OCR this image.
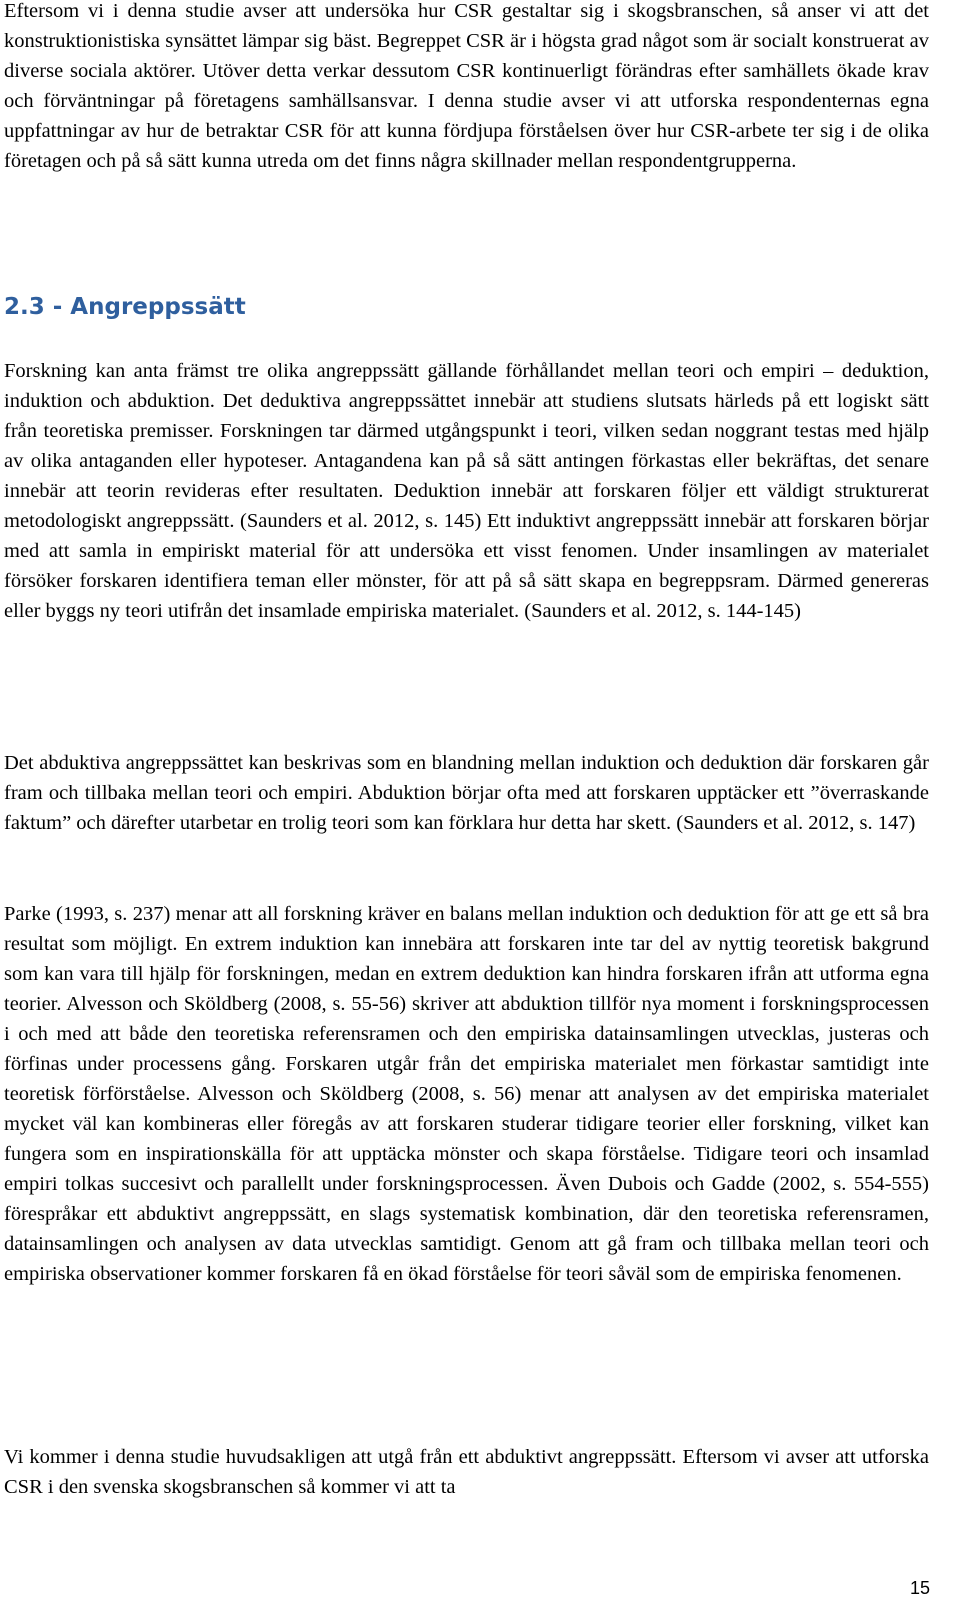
Eftersom vi i denna studie avser att undersöka hur CSR gestaltar sig i skogsbranschen, så anser vi att det konstruktionistiska synsättet lämpar sig bäst. Begreppet CSR är i högsta grad något som är socialt konstruerat av diverse sociala aktörer. Utöver detta verkar dessutom CSR kontinuerligt förändras efter samhällets ökade krav och förväntningar på företagens samhällsansvar. I denna studie avser vi att utforska respondenternas egna uppfattningar av hur de betraktar CSR för att kunna fördjupa förståelsen över hur CSR-arbete ter sig i de olika företagen och på så sätt kunna utreda om det finns några skillnader mellan respondentgrupperna.

2.3 - Angreppssätt

Forskning kan anta främst tre olika angreppssätt gällande förhållandet mellan teori och empiri – deduktion, induktion och abduktion. Det deduktiva angreppssättet innebär att studiens slutsats härleds på ett logiskt sätt från teoretiska premisser. Forskningen tar därmed utgångspunkt i teori, vilken sedan noggrant testas med hjälp av olika antaganden eller hypoteser. Antagandena kan på så sätt antingen förkastas eller bekräftas, det senare innebär att teorin revideras efter resultaten. Deduktion innebär att forskaren följer ett väldigt strukturerat metodologiskt angreppssätt. (Saunders et al. 2012, s. 145) Ett induktivt angreppssätt innebär att forskaren börjar med att samla in empiriskt material för att undersöka ett visst fenomen. Under insamlingen av materialet försöker forskaren identifiera teman eller mönster, för att på så sätt skapa en begreppsram. Därmed genereras eller byggs ny teori utifrån det insamlade empiriska materialet. (Saunders et al. 2012, s. 144-145)

Det abduktiva angreppssättet kan beskrivas som en blandning mellan induktion och deduktion där forskaren går fram och tillbaka mellan teori och empiri. Abduktion börjar ofta med att forskaren upptäcker ett ”överraskande faktum” och därefter utarbetar en trolig teori som kan förklara hur detta har skett. (Saunders et al. 2012, s. 147)

Parke (1993, s. 237) menar att all forskning kräver en balans mellan induktion och deduktion för att ge ett så bra resultat som möjligt. En extrem induktion kan innebära att forskaren inte tar del av nyttig teoretisk bakgrund som kan vara till hjälp för forskningen, medan en extrem deduktion kan hindra forskaren ifrån att utforma egna teorier. Alvesson och Sköldberg (2008, s. 55-56) skriver att abduktion tillför nya moment i forskningsprocessen i och med att både den teoretiska referensramen och den empiriska datainsamlingen utvecklas, justeras och förfinas under processens gång. Forskaren utgår från det empiriska materialet men förkastar samtidigt inte teoretisk förförståelse. Alvesson och Sköldberg (2008, s. 56) menar att analysen av det empiriska materialet mycket väl kan kombineras eller föregås av att forskaren studerar tidigare teorier eller forskning, vilket kan fungera som en inspirationskälla för att upptäcka mönster och skapa förståelse. Tidigare teori och insamlad empiri tolkas succesivt och parallellt under forskningsprocessen. Även Dubois och Gadde (2002, s. 554-555) förespråkar ett abduktivt angreppssätt, en slags systematisk kombination, där den teoretiska referensramen, datainsamlingen och analysen av data utvecklas samtidigt. Genom att gå fram och tillbaka mellan teori och empiriska observationer kommer forskaren få en ökad förståelse för teori såväl som de empiriska fenomenen.

Vi kommer i denna studie huvudsakligen att utgå från ett abduktivt angreppssätt. Eftersom vi avser att utforska CSR i den svenska skogsbranschen så kommer vi att ta

15
